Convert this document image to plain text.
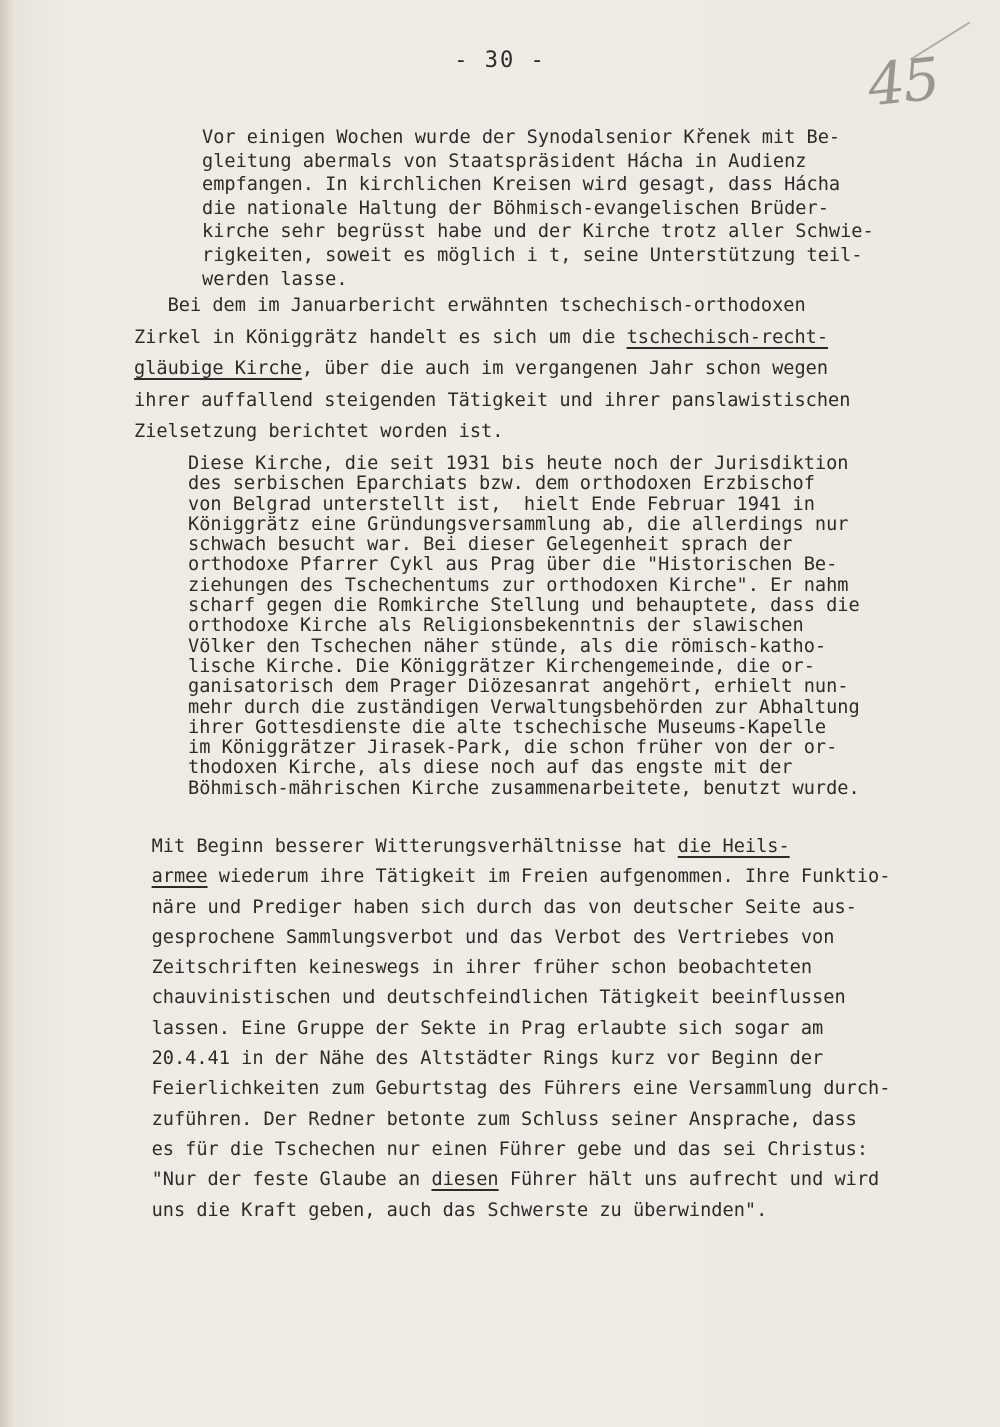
- 30 -	45
Vor einigen Wochen wurde der Synodalsenior Křenek mit Be-
gleitung abermals von Staatspräsident Hácha in Audienz
empfangen. In kirchlichen Kreisen wird gesagt, dass Hácha
die nationale Haltung der Böhmisch-evangelischen Brüder-
kirche sehr begrüsst habe und der Kirche trotz aller Schwie-
rigkeiten, soweit es möglich i t, seine Unterstützung teil-
werden lasse.
Bei dem im Januarbericht erwähnten tschechisch-orthodoxen
Zirkel in Königgrätz handelt es sich um die tschechisch-recht-
gläubige Kirche, über die auch im vergangenen Jahr schon wegen
ihrer auffallend steigenden Tätigkeit und ihrer panslawistischen
Zielsetzung berichtet worden ist.
Diese Kirche, die seit 1931 bis heute noch der Jurisdiktion
des serbischen Eparchiats bzw. dem orthodoxen Erzbischof
von Belgrad unterstellt ist,  hielt Ende Februar 1941 in
Königgrätz eine Gründungsversammlung ab, die allerdings nur
schwach besucht war. Bei dieser Gelegenheit sprach der
orthodoxe Pfarrer Cykl aus Prag über die "Historischen Be-
ziehungen des Tschechentums zur orthodoxen Kirche". Er nahm
scharf gegen die Romkirche Stellung und behauptete, dass die
orthodoxe Kirche als Religionsbekenntnis der slawischen
Völker den Tschechen näher stünde, als die römisch-katho-
lische Kirche. Die Königgrätzer Kirchengemeinde, die or-
ganisatorisch dem Prager Diözesanrat angehört, erhielt nun-
mehr durch die zuständigen Verwaltungsbehörden zur Abhaltung
ihrer Gottesdienste die alte tschechische Museums-Kapelle
im Königgrätzer Jirasek-Park, die schon früher von der or-
thodoxen Kirche, als diese noch auf das engste mit der
Böhmisch-mährischen Kirche zusammenarbeitete, benutzt wurde.
Mit Beginn besserer Witterungsverhältnisse hat die Heils-
armee wiederum ihre Tätigkeit im Freien aufgenommen. Ihre Funktio-
näre und Prediger haben sich durch das von deutscher Seite aus-
gesprochene Sammlungsverbot und das Verbot des Vertriebes von
Zeitschriften keineswegs in ihrer früher schon beobachteten
chauvinistischen und deutschfeindlichen Tätigkeit beeinflussen
lassen. Eine Gruppe der Sekte in Prag erlaubte sich sogar am
20.4.41 in der Nähe des Altstädter Rings kurz vor Beginn der
Feierlichkeiten zum Geburtstag des Führers eine Versammlung durch-
zuführen. Der Redner betonte zum Schluss seiner Ansprache, dass
es für die Tschechen nur einen Führer gebe und das sei Christus:
"Nur der feste Glaube an diesen Führer hält uns aufrecht und wird
uns die Kraft geben, auch das Schwerste zu überwinden".
